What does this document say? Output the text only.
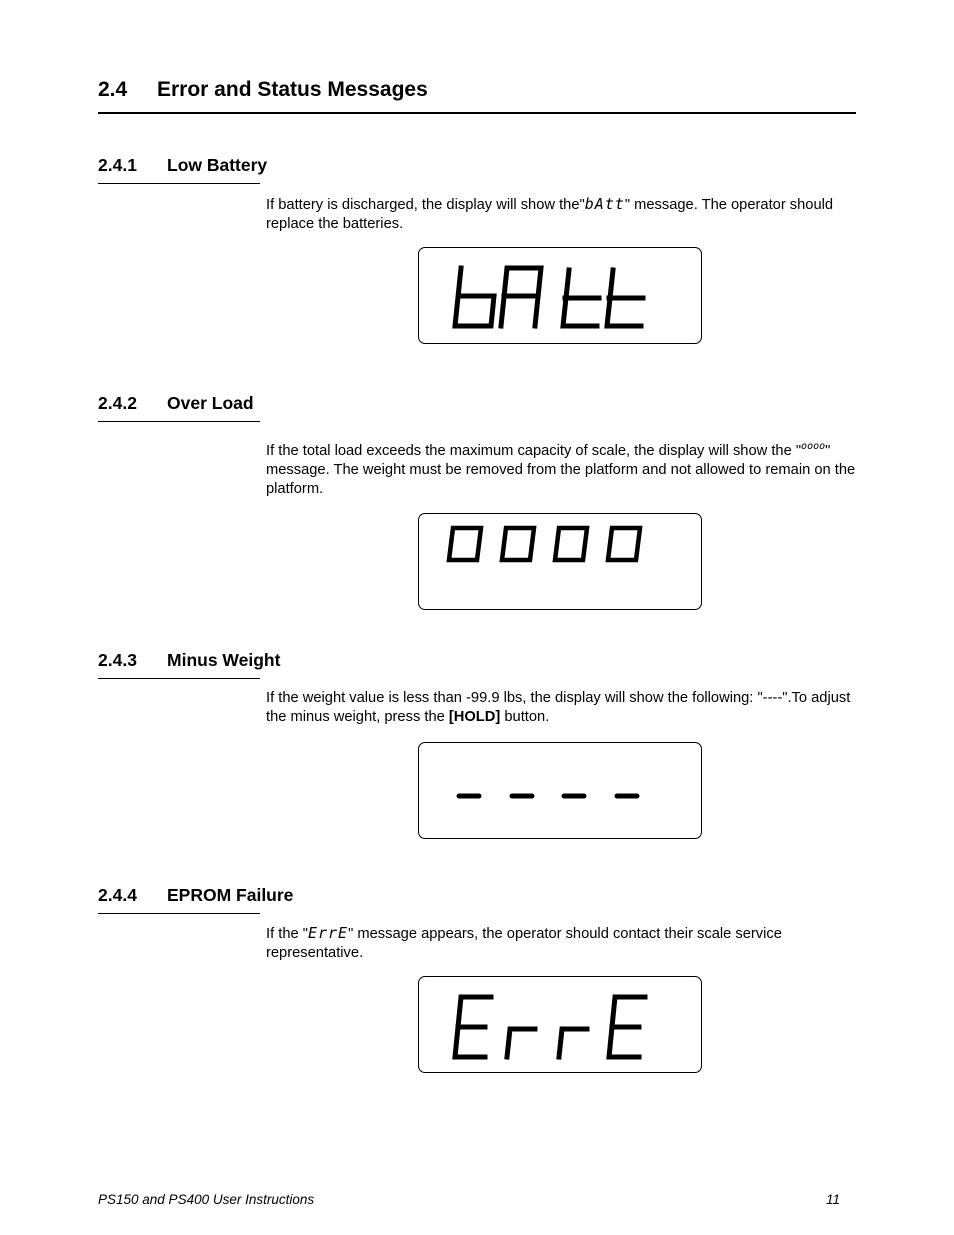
2.4 Error and Status Messages
2.4.1 Low Battery
If battery is discharged, the display will show the"bAtt" message. The operator should replace the batteries.
2.4.2 Over Load
If the total load exceeds the maximum capacity of scale, the display will show the "oooo" message. The weight must be removed from the platform and not allowed to remain on the platform.
2.4.3 Minus Weight
If the weight value is less than -99.9 lbs, the display will show the following: "----".To adjust the minus weight, press the [HOLD] button.
2.4.4 EPROM Failure
If the "ErrE" message appears, the operator should contact their scale service representative.
PS150 and PS400 User Instructions	11
